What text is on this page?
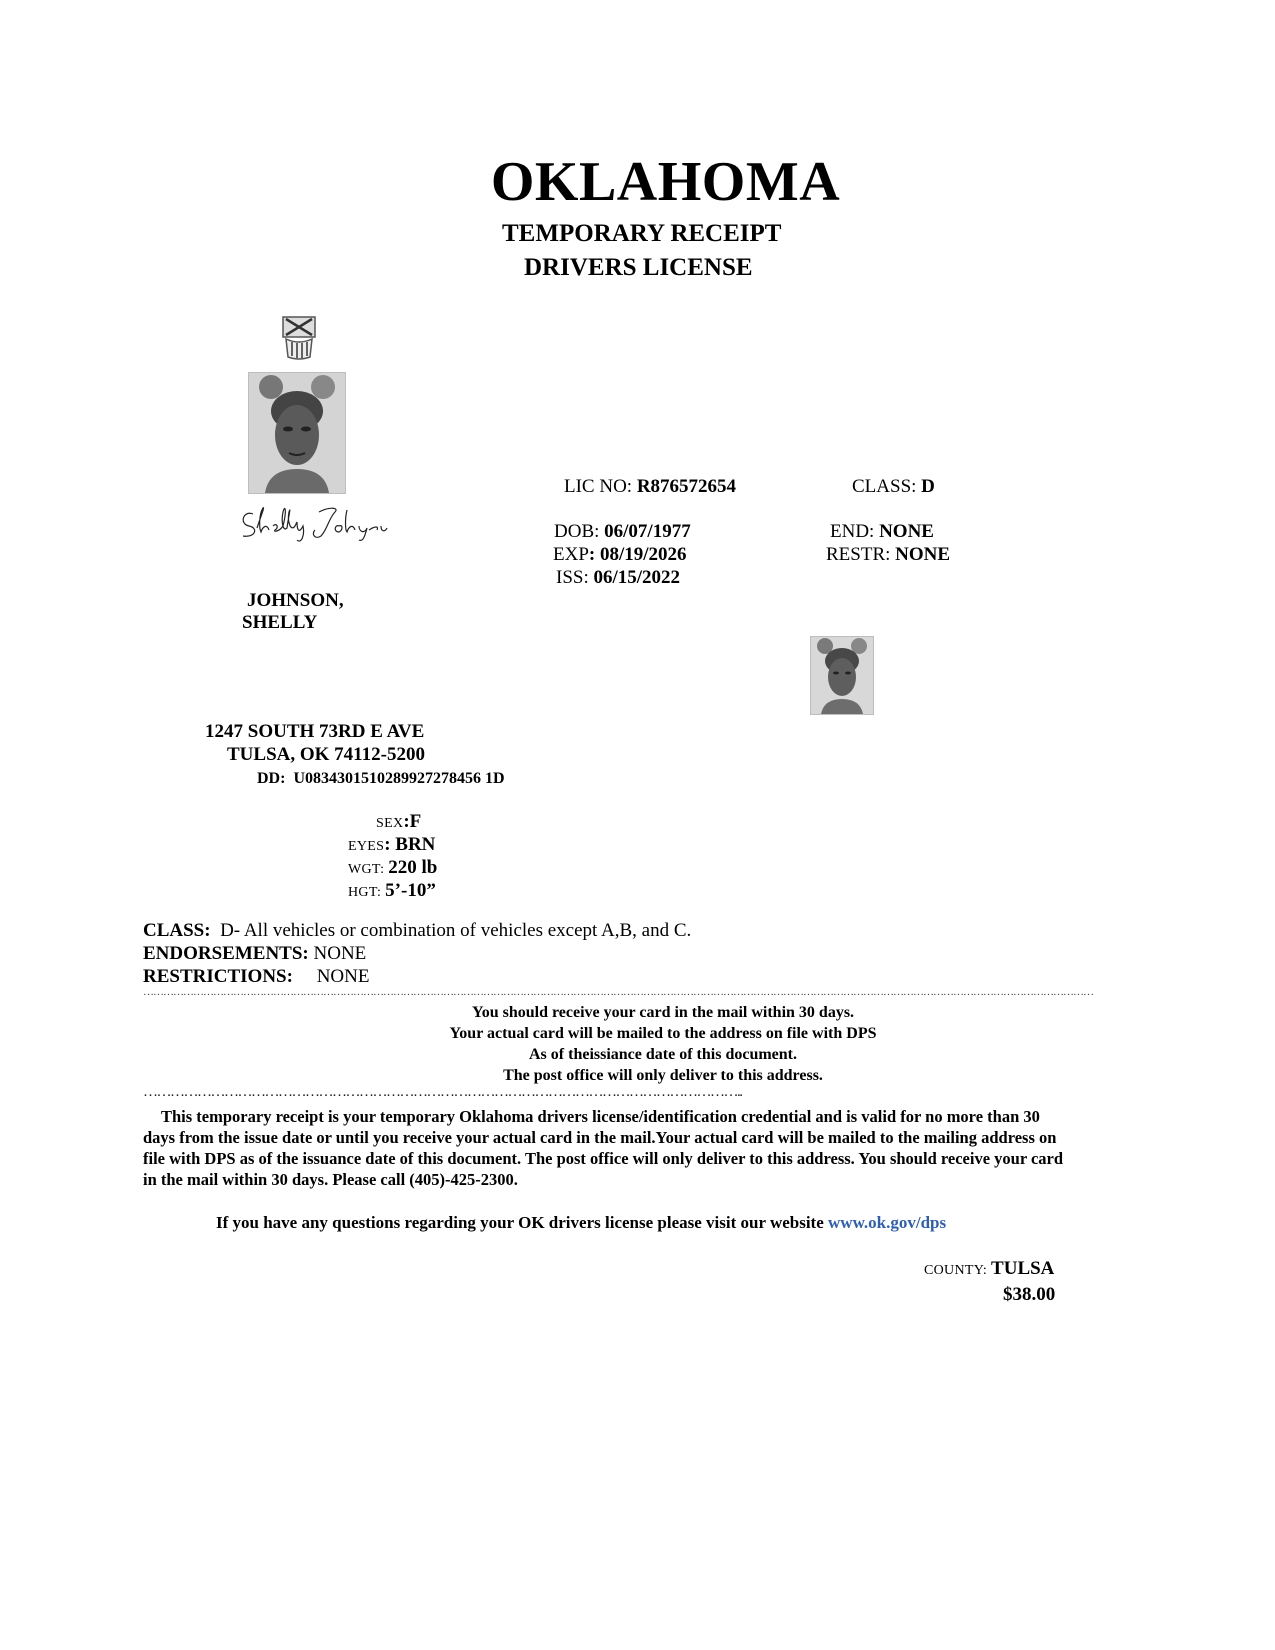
OKLAHOMA
TEMPORARY RECEIPT
DRIVERS LICENSE
JOHNSON,
SHELLY
LIC NO: R876572654	CLASS: D
DOB: 06/07/1977	END: NONE
EXP: 08/19/2026	RESTR: NONE
ISS: 06/15/2022
1247 SOUTH 73RD E AVE
TULSA, OK 74112-5200
DD: U0834301510289927278456 1D
SEX:F
EYES: BRN
WGT: 220 lb
HGT: 5’-10”
CLASS: D- All vehicles or combination of vehicles except A,B, and C.
ENDORSEMENTS: NONE
RESTRICTIONS: NONE
……………………………………………………………………………………………………………………………………………………………………………………………………………………………………………………………
You should receive your card in the mail within 30 days.
Your actual card will be mailed to the address on file with DPS
As of theissiance date of this document.
The post office will only deliver to this address.
……………………………………………………………………………………………………………………..
This temporary receipt is your temporary Oklahoma drivers license/identification credential and is valid for no more than 30 days from the issue date or until you receive your actual card in the mail.Your actual card will be mailed to the mailing address on file with DPS as of the issuance date of this document. The post office will only deliver to this address. You should receive your card in the mail within 30 days. Please call (405)-425-2300.
If you have any questions regarding your OK drivers license please visit our website www.ok.gov/dps
COUNTY: TULSA
$38.00
